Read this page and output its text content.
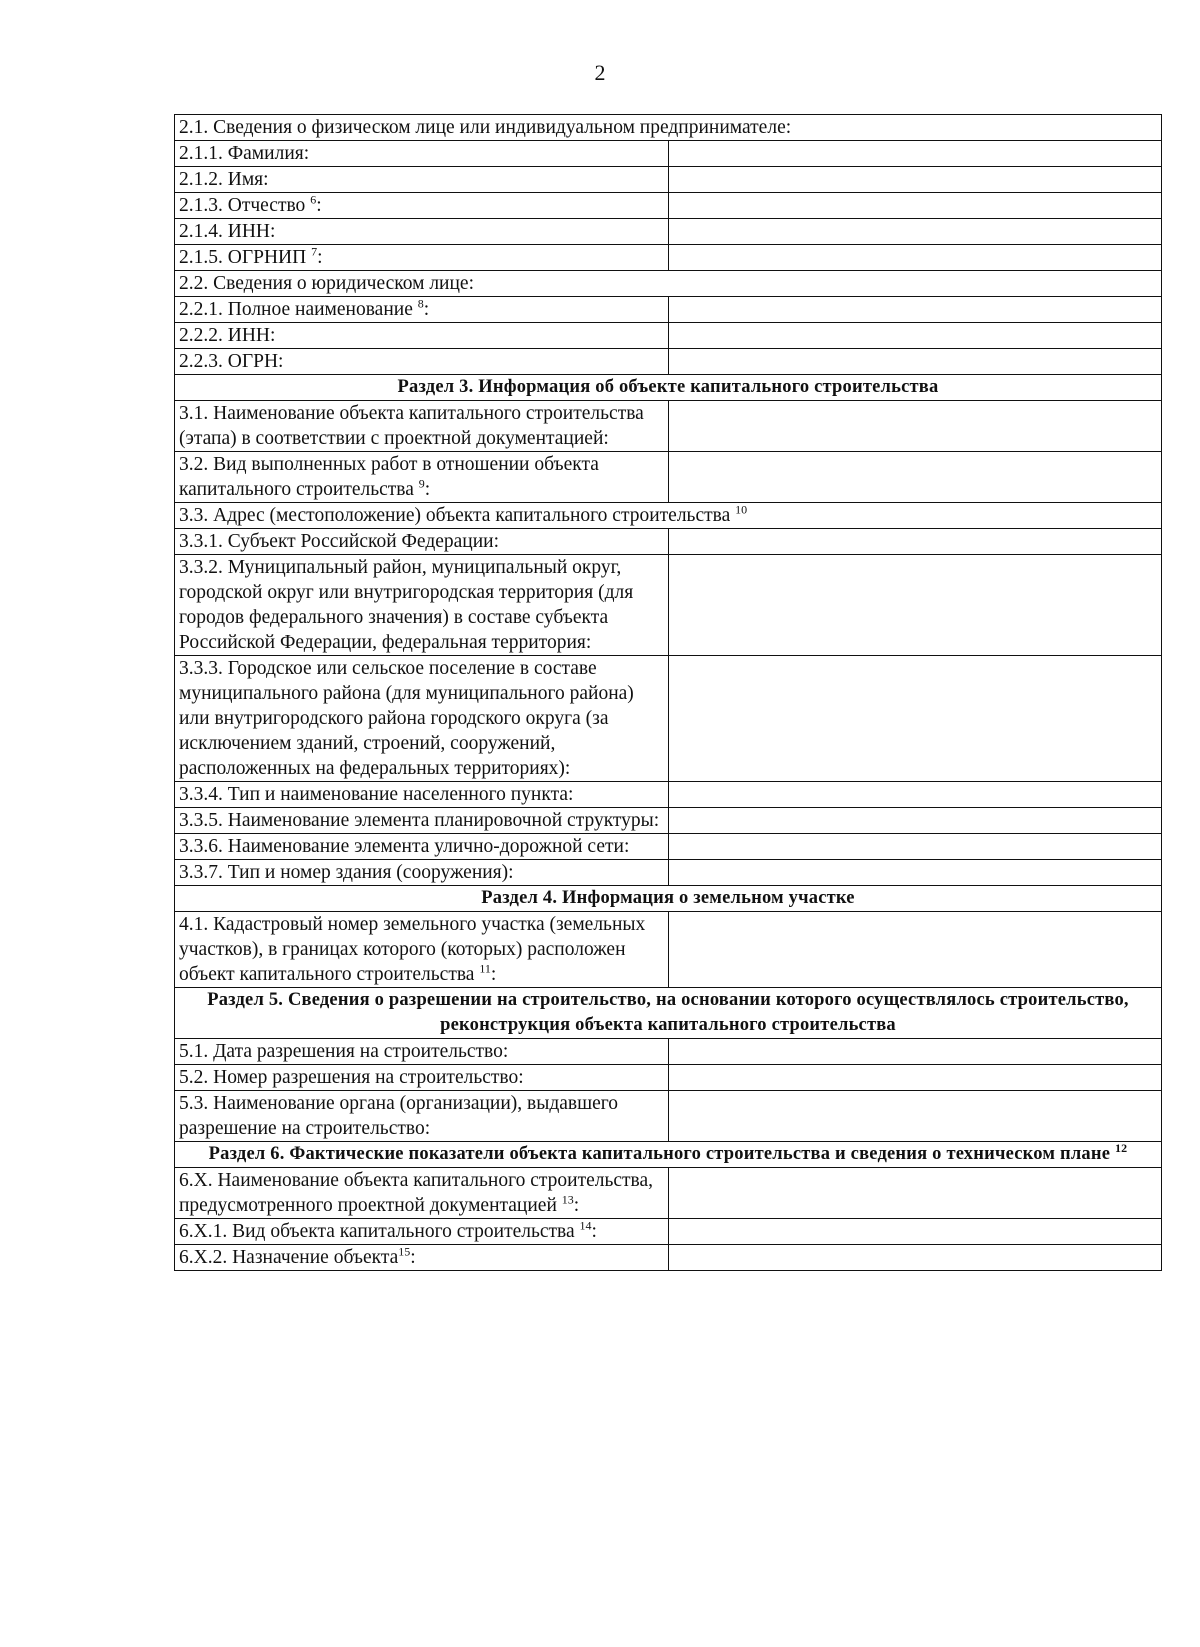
2
2.1. Сведения о физическом лице или индивидуальном предпринимателе:	
2.1.1. Фамилия:	
2.1.2. Имя:	
2.1.3. Отчество $^6$:	
2.1.4. ИНН:	
2.1.5. ОГРНИП $^7$:	
2.2. Сведения о юридическом лице:	
2.2.1. Полное наименование $^8$:	
2.2.2. ИНН:	
2.2.3. ОГРН:	
Раздел 3. Информация об объекте капитального строительства	
3.1. Наименование объекта капитального строительства (этапа) в соответствии с проектной документацией:	
3.2. Вид выполненных работ в отношении объекта капитального строительства $^9$:	
3.3. Адрес (местоположение) объекта капитального строительства $^{10}$
3.3.1. Субъект Российской Федерации:	
3.3.2. Муниципальный район, муниципальный округ, городской округ или внутригородская территория (для городов федерального значения) в составе субъекта Российской Федерации, федеральная территория:	
3.3.3. Городское или сельское поселение в составе муниципального района (для муниципального района) или внутригородского района городского округа (за исключением зданий, строений, сооружений, расположенных на федеральных территориях):	
3.3.4. Тип и наименование населенного пункта:	
3.3.5. Наименование элемента планировочной структуры:	
3.3.6. Наименование элемента улично-дорожной сети:	
3.3.7. Тип и номер здания (сооружения):	
Раздел 4. Информация о земельном участке	
4.1. Кадастровый номер земельного участка (земельных участков), в границах которого (которых) расположен объект капитального строительства $^{11}$:	
Раздел 5. Сведения о разрешении на строительство, на основании которого осуществлялось строительство, реконструкция объекта капитального строительства	
5.1. Дата разрешения на строительство:	
5.2. Номер разрешения на строительство:	
5.3. Наименование органа (организации), выдавшего разрешение на строительство:	
Раздел 6. Фактические показатели объекта капитального строительства и сведения о техническом плане $^{12}$
6.X. Наименование объекта капитального строительства, предусмотренного проектной документацией $^{13}$:	
6.X.1. Вид объекта капитального строительства $^{14}$:	
6.X.2. Назначение объекта$^{15}$:	
